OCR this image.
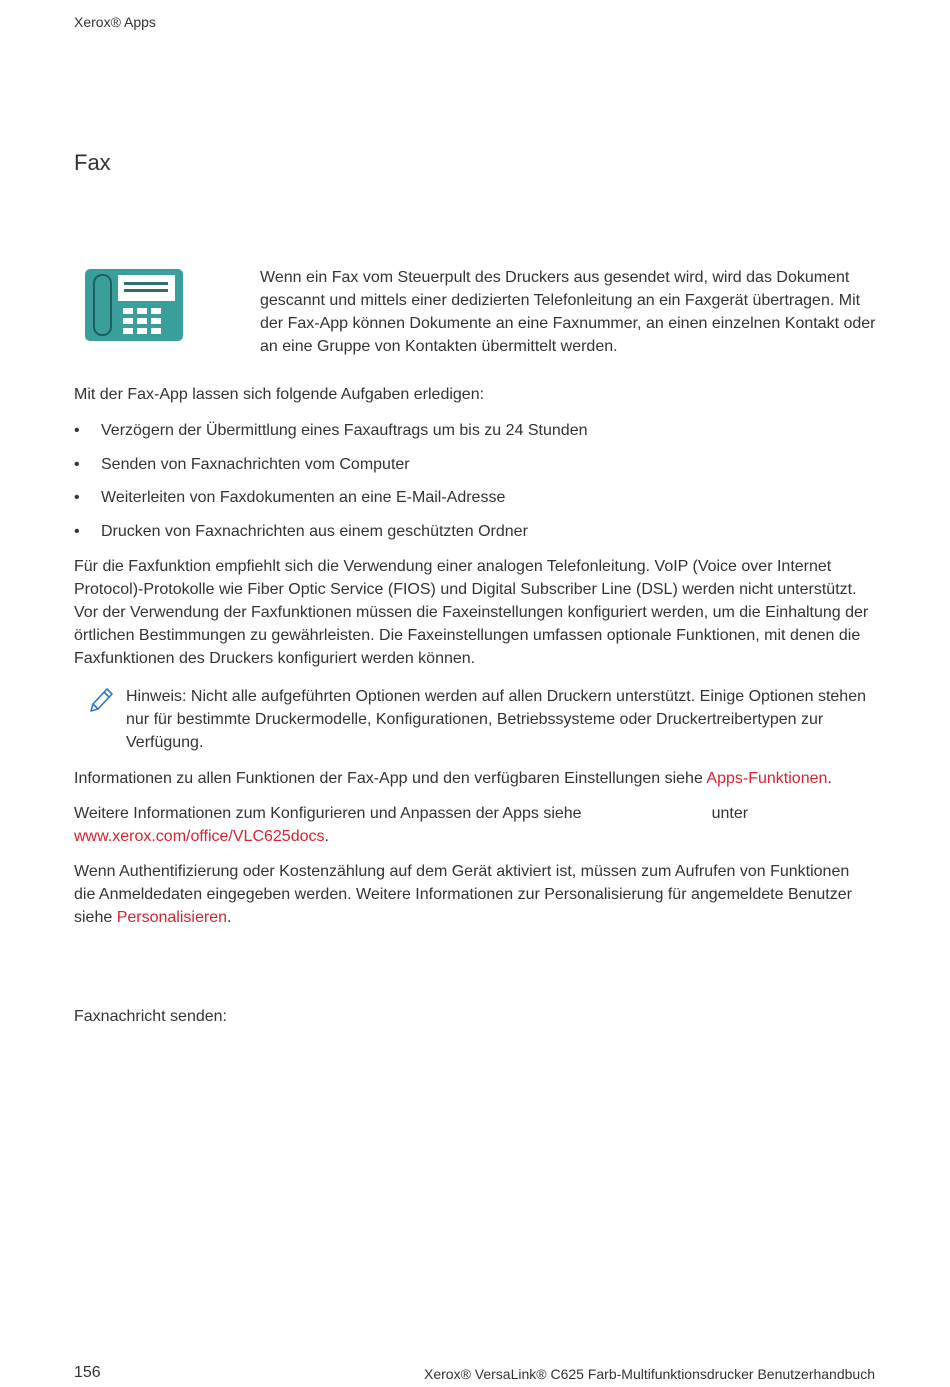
Xerox® Apps
Fax

Wenn ein Fax vom Steuerpult des Druckers aus gesendet wird, wird das Dokument gescannt und mittels einer dedizierten Telefonleitung an ein Faxgerät übertragen. Mit der Fax-App können Dokumente an eine Faxnummer, an einen einzelnen Kontakt oder an eine Gruppe von Kontakten übermittelt werden.

Mit der Fax-App lassen sich folgende Aufgaben erledigen:

• Verzögern der Übermittlung eines Faxauftrags um bis zu 24 Stunden
• Senden von Faxnachrichten vom Computer
• Weiterleiten von Faxdokumenten an eine E-Mail-Adresse
• Drucken von Faxnachrichten aus einem geschützten Ordner

Für die Faxfunktion empfiehlt sich die Verwendung einer analogen Telefonleitung. VoIP (Voice over Internet Protocol)-Protokolle wie Fiber Optic Service (FIOS) und Digital Subscriber Line (DSL) werden nicht unterstützt. Vor der Verwendung der Faxfunktionen müssen die Faxeinstellungen konfiguriert werden, um die Einhaltung der örtlichen Bestimmungen zu gewährleisten. Die Faxeinstellungen umfassen optionale Funktionen, mit denen die Faxfunktionen des Druckers konfiguriert werden können.

Hinweis: Nicht alle aufgeführten Optionen werden auf allen Druckern unterstützt. Einige Optionen stehen nur für bestimmte Druckermodelle, Konfigurationen, Betriebssysteme oder Druckertreibertypen zur Verfügung.

Informationen zu allen Funktionen der Fax-App und den verfügbaren Einstellungen siehe Apps-Funktionen.

Weitere Informationen zum Konfigurieren und Anpassen der Apps siehe	unter www.xerox.com/office/VLC625docs.

Wenn Authentifizierung oder Kostenzählung auf dem Gerät aktiviert ist, müssen zum Aufrufen von Funktionen die Anmeldedaten eingegeben werden. Weitere Informationen zur Personalisierung für angemeldete Benutzer siehe Personalisieren.

Faxnachricht senden:

156	Xerox® VersaLink® C625 Farb-Multifunktionsdrucker Benutzerhandbuch
